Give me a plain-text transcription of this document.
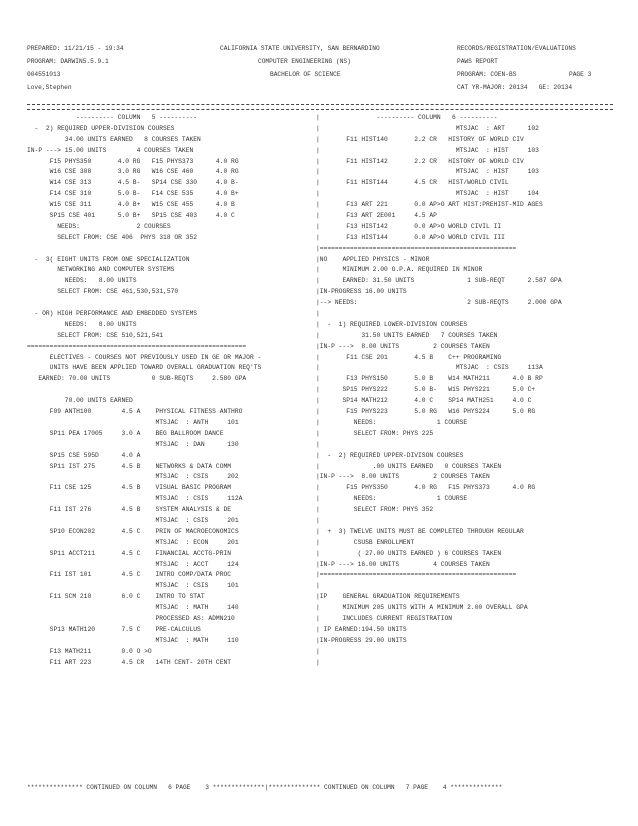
PREPARED: 11/21/15 - 19:34

	CALIFORNIA STATE UNIVERSITY, SAN BERNARDINO

	RECORDS/REGISTRATION/EVALUATIONS

PROGRAM: DARWIN5.5.9.1

	COMPUTER ENGINEERING (NS)

	PAWS REPORT

004551013

	BACHELOR OF SCIENCE

	PROGRAM: COEN-BS

	PAGE 3

Love,Stephen

	CAT YR-MAJOR: 20134   GE: 20134

---------- COLUMN   5 ----------
-  2) REQUIRED UPPER-DIVISION COURSES
34.00 UNITS EARNED   8 COURSES TAKEN
IN-P ---> 15.00 UNITS        4 COURSES TAKEN
F15 PHYS350       4.0 RG   F15 PHYS373      4.0 RG
W16 CSE 308       3.0 RG   W16 CSE 460      4.0 RG
W14 CSE 313       4.5 B-   SP14 CSE 330     4.0 B-
F14 CSE 310       5.0 B-   F14 CSE 535      4.0 B+
W15 CSE 311       4.0 B+   W15 CSE 455      4.0 B
SP15 CSE 401      5.0 B+   SP15 CSE 403     4.0 C
NEEDS:               2 COURSES
SELECT FROM: CSE 406  PHYS 318 OR 352
-  3( EIGHT UNITS FROM ONE SPECIALIZATION
NETWORKING AND COMPUTER SYSTEMS
NEEDS:   8.00 UNITS
SELECT FROM: CSE 461,530,531,570
- OR) HIGH PERFORMANCE AND EMBEDDED SYSTEMS
NEEDS:   8.00 UNITS
SELECT FROM: CSE 510,521,541
==========================================================
ELECTIVES - COURSES NOT PREVIOUSLY USED IN GE OR MAJOR -
UNITS HAVE BEEN APPLIED TOWARD OVERALL GRADUATION REQ'TS
EARNED: 70.00 UNITS           0 SUB-REQTS     2.580 GPA
70.00 UNITS EARNED
F09 ANTH100        4.5 A    PHYSICAL FITNESS ANTHRO
MTSJAC  : ANTH     101
SP11 PEA 17005     3.0 A    BEG BALLROOM DANCE
MTSJAC  : DAN      130
SP15 CSE 595D      4.0 A
SP11 IST 275       4.5 B    NETWORKS & DATA COMM
MTSJAC  : CSIS     202
F11 CSE 125        4.5 B    VISUAL BASIC PROGRAM
MTSJAC  : CSIS     112A
F11 IST 276        4.5 B    SYSTEM ANALYSIS & DE
MTSJAC  : CSIS     201
SP10 ECON202       4.5 C    PRIN OF MACROECONOMICS
MTSJAC  : ECON     201
SP11 ACCT211       4.5 C    FINANCIAL ACCTG-PRIN
MTSJAC  : ACCT     124
F11 IST 101        4.5 C    INTRO COMP/DATA PROC
MTSJAC  : CSIS     101
F11 SCM 210        6.0 C    INTRO TO STAT
MTSJAC  : MATH     140
PROCESSED AS: ADMN210
SP13 MATH120       7.5 C    PRE-CALCULUS
MTSJAC  : MATH     110
F13 MATH211        0.0 O >O
F11 ART 223        4.5 CR   14TH CENT- 20TH CENT
|               ---------- COLUMN   6 ----------
|                                    MTSJAC  : ART      102
|       F11 HIST140       2.2 CR   HISTORY OF WORLD CIV
|                                    MTSJAC  : HIST     103
|       F11 HIST142       2.2 CR   HISTORY OF WORLD CIV
|                                    MTSJAC  : HIST     103
|       F11 HIST144       4.5 CR   HIST/WORLD CIVIL
|                                    MTSJAC  : HIST     104
|       F13 ART 221       0.0 AP>O ART HIST:PREHIST-MID AGES
|       F13 ART 2E001     4.5 AP
|       F13 HIST142       0.0 AP>O WORLD CIVIL II
|       F13 HIST144       0.0 AP>O WORLD CIVIL III
|====================================================
|NO    APPLIED PHYSICS - MINOR
|      MINIMUM 2.00 G.P.A. REQUIRED IN MINOR
|      EARNED: 31.50 UNITS              1 SUB-REQT      2.587 GPA
|IN-PROGRESS 16.00 UNITS
|--> NEEDS:                             2 SUB-REQTS     2.000 GPA
|
|  -  1) REQUIRED LOWER-DIVISION COURSES
|           31.50 UNITS EARNED   7 COURSES TAKEN
|IN-P --->  8.00 UNITS         2 COURSES TAKEN
|       F11 CSE 201       4.5 B    C++ PROGRAMING
|                                    MTSJAC  : CSIS     113A
|       F13 PHYS150       5.0 B    W14 MATH211      4.0 B RP
|      SP15 PHYS222       5.0 B-   W15 PHYS221      5.0 C+
|      SP14 MATH212       4.0 C    SP14 MATH251     4.0 C
|       F15 PHYS223       5.0 RG   W16 PHYS224      5.0 RG
|         NEEDS:                1 COURSE
|         SELECT FROM: PHYS 225
|
|  -  2) REQUIRED UPPER-DIVISON COURSES
|              .00 UNITS EARNED   0 COURSES TAKEN
|IN-P --->  8.00 UNITS         2 COURSES TAKEN
|       F15 PHYS350       4.0 RG   F15 PHYS373      4.0 RG
|         NEEDS:                1 COURSE
|         SELECT FROM: PHYS 352
|
|  +  3) TWELVE UNITS MUST BE COMPLETED THROUGH REGULAR
|         CSUSB ENROLLMENT
|          ( 27.00 UNITS EARNED ) 6 COURSES TAKEN
|IN-P ---> 16.00 UNITS         4 COURSES TAKEN
|====================================================
|
|IP    GENERAL GRADUATION REQUIREMENTS
|      MINIMUM 205 UNITS WITH A MINIMUM 2.00 OVERALL GPA
|      INCLUDES CURRENT REGISTRATION
| IP EARNED:194.50 UNITS
|IN-PROGRESS 29.00 UNITS
|
|
*************** CONTINUED ON COLUMN   6 PAGE    3 **************|************** CONTINUED ON COLUMN   7 PAGE    4 **************
